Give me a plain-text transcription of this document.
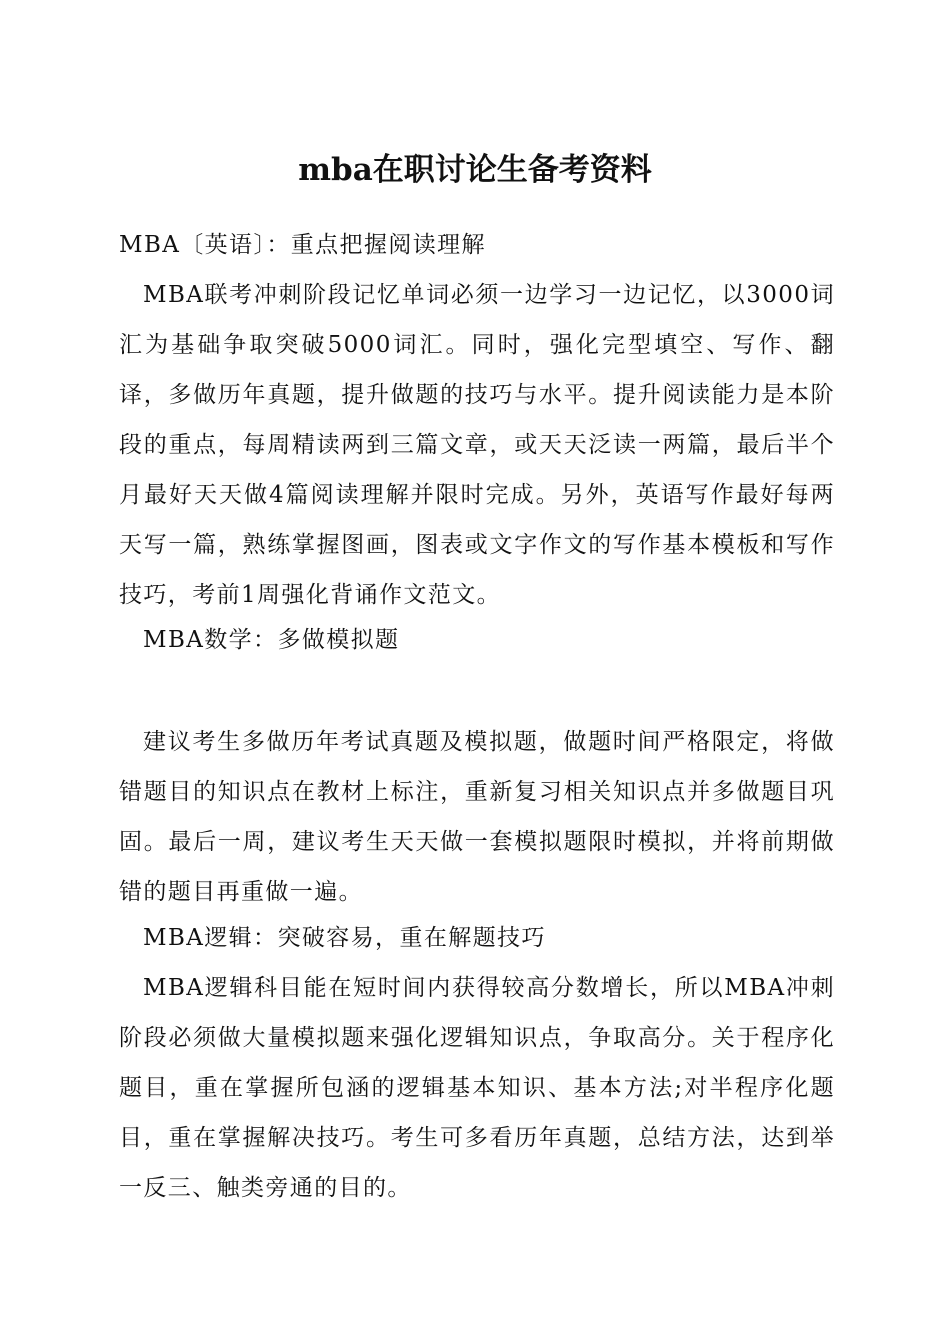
mba在职讨论生备考资料

MBA〔英语〕：重点把握阅读理解

MBA联考冲刺阶段记忆单词必须一边学习一边记忆，以3000词汇为基础争取突破5000词汇。同时，强化完型填空、写作、翻译，多做历年真题，提升做题的技巧与水平。提升阅读能力是本阶段的重点，每周精读两到三篇文章，或天天泛读一两篇，最后半个月最好天天做4篇阅读理解并限时完成。另外，英语写作最好每两天写一篇，熟练掌握图画，图表或文字作文的写作基本模板和写作技巧，考前1周强化背诵作文范文。

MBA数学：多做模拟题

建议考生多做历年考试真题及模拟题，做题时间严格限定，将做错题目的知识点在教材上标注，重新复习相关知识点并多做题目巩固。最后一周，建议考生天天做一套模拟题限时模拟，并将前期做错的题目再重做一遍。

MBA逻辑：突破容易，重在解题技巧

MBA逻辑科目能在短时间内获得较高分数增长，所以MBA冲刺阶段必须做大量模拟题来强化逻辑知识点，争取高分。关于程序化题目，重在掌握所包涵的逻辑基本知识、基本方法;对半程序化题目，重在掌握解决技巧。考生可多看历年真题，总结方法，达到举一反三、触类旁通的目的。
